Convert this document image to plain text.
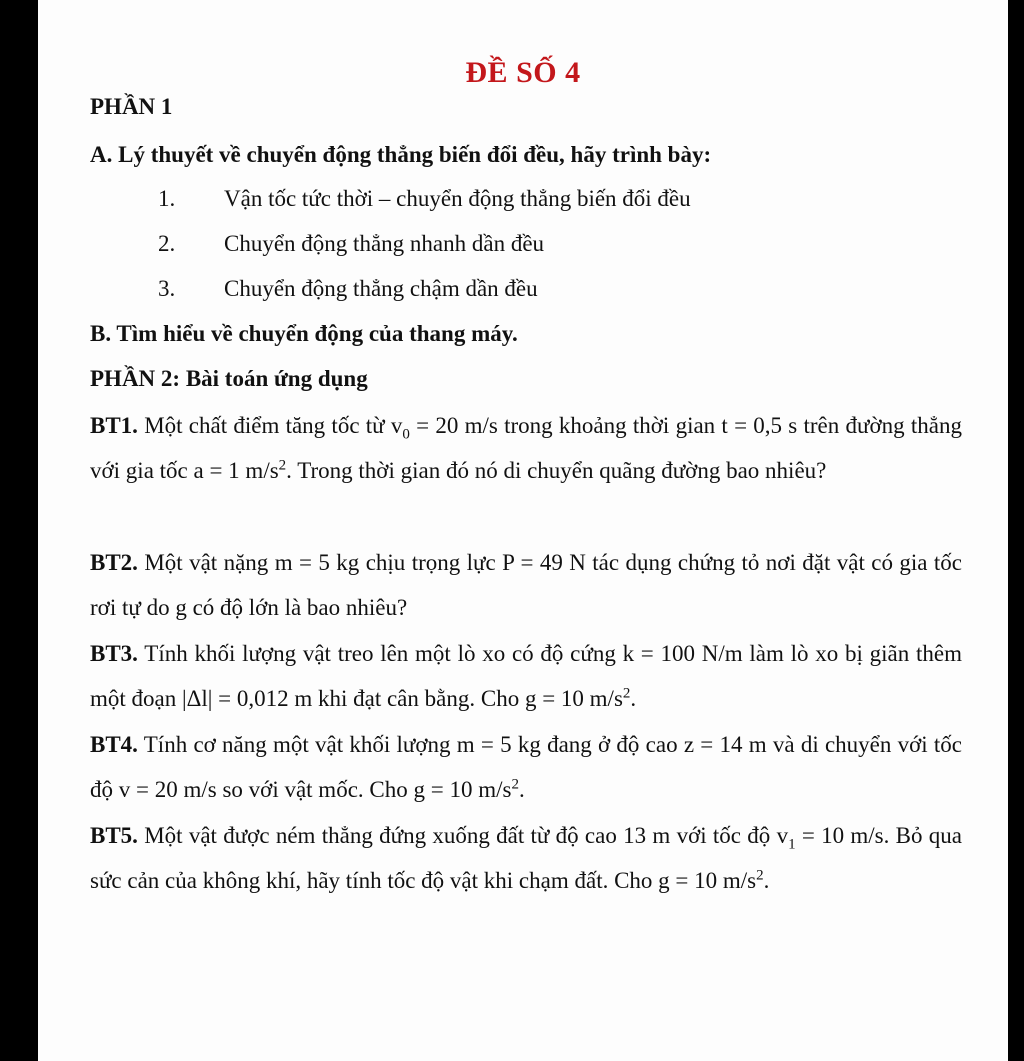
ĐỀ SỐ 4
PHẦN 1
A. Lý thuyết về chuyển động thẳng biến đổi đều, hãy trình bày:
1. Vận tốc tức thời – chuyển động thẳng biến đổi đều
2. Chuyển động thẳng nhanh dần đều
3. Chuyển động thẳng chậm dần đều
B. Tìm hiểu về chuyển động của thang máy.
PHẦN 2: Bài toán ứng dụng
BT1. Một chất điểm tăng tốc từ $v_0 = 20$ m/s trong khoảng thời gian t = 0,5 s trên đường thẳng với gia tốc a = 1 $m/s^2$. Trong thời gian đó nó di chuyển quãng đường bao nhiêu?
BT2. Một vật nặng m = 5 kg chịu trọng lực P = 49 N tác dụng chứng tỏ nơi đặt vật có gia tốc rơi tự do g có độ lớn là bao nhiêu?
BT3. Tính khối lượng vật treo lên một lò xo có độ cứng k = 100 N/m làm lò xo bị giãn thêm một đoạn |Δl| = 0,012 m khi đạt cân bằng. Cho g = 10 $m/s^2$.
BT4. Tính cơ năng một vật khối lượng m = 5 kg đang ở độ cao z = 14 m và di chuyển với tốc độ v = 20 m/s so với vật mốc. Cho g = 10 $m/s^2$.
BT5. Một vật được ném thẳng đứng xuống đất từ độ cao 13 m với tốc độ $v_1 = 10$ m/s. Bỏ qua sức cản của không khí, hãy tính tốc độ vật khi chạm đất. Cho g = 10 $m/s^2$.
